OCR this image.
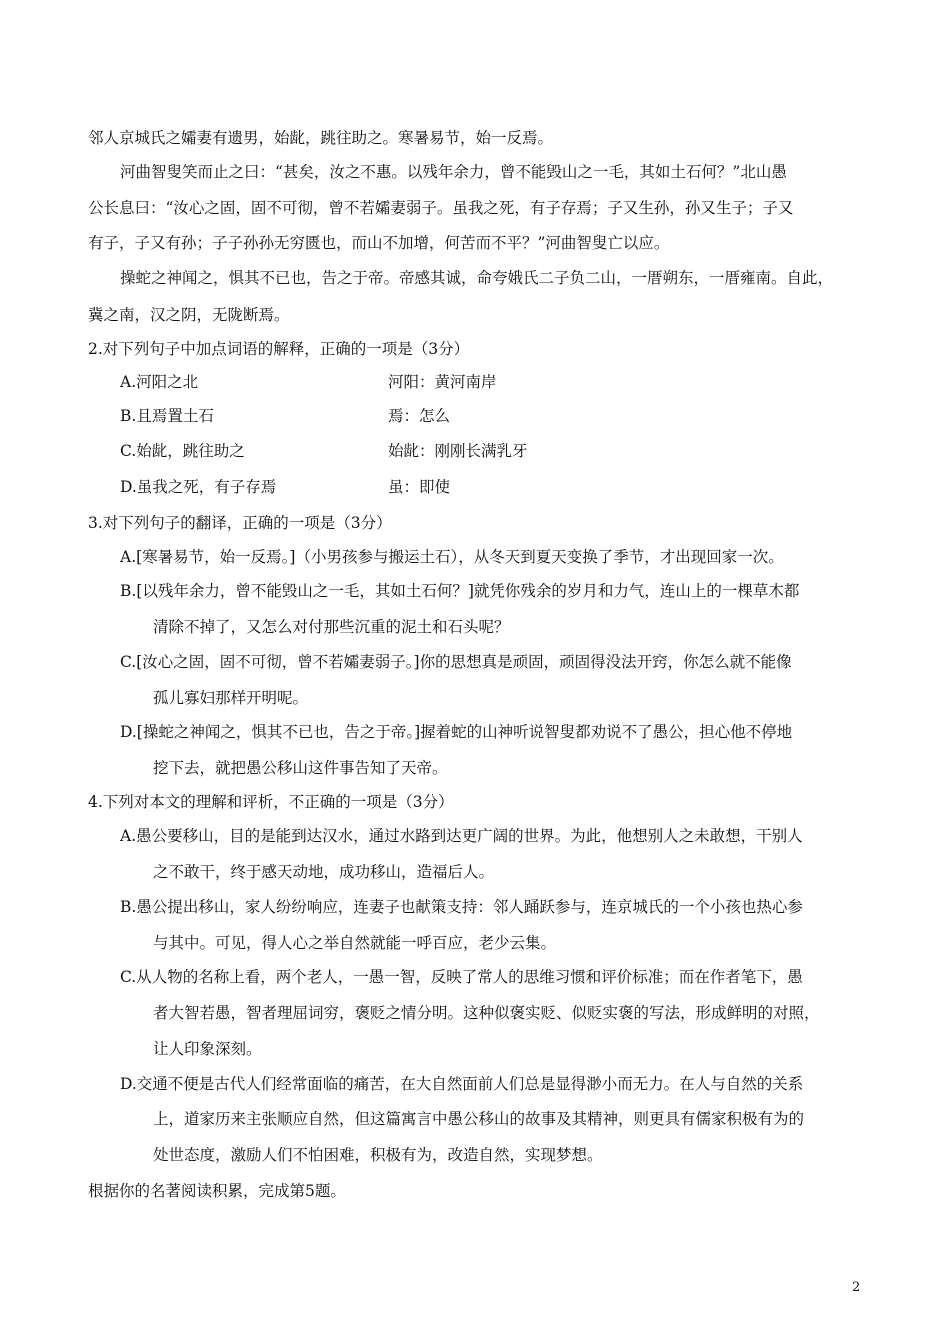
邻人京城氏之孀妻有遗男，始龀，跳往助之。寒暑易节，始一反焉。
河曲智叟笑而止之曰：“甚矣，汝之不惠。以残年余力，曾不能毁山之一毛，其如土石何？”北山愚
公长息曰：“汝心之固，固不可彻，曾不若孀妻弱子。虽我之死，有子存焉；子又生孙，孙又生子；子又
有子，子又有孙；子子孙孙无穷匮也，而山不加增，何苦而不平？”河曲智叟亡以应。
操蛇之神闻之，惧其不已也，告之于帝。帝感其诚，命夸娥氏二子负二山，一厝朔东，一厝雍南。自此，
冀之南，汉之阴，无陇断焉。
2.对下列句子中加点词语的解释，正确的一项是（3分）
A.河阳之北	河阳：黄河南岸
B.且焉置土石	焉：怎么
C.始龀，跳往助之	始龀：刚刚长满乳牙
D.虽我之死，有子存焉	虽：即使
3.对下列句子的翻译，正确的一项是（3分）
A.[寒暑易节，始一反焉。]（小男孩参与搬运土石），从冬天到夏天变换了季节，才出现回家一次。
B.[以残年余力，曾不能毁山之一毛，其如土石何？]就凭你残余的岁月和力气，连山上的一棵草木都
清除不掉了，又怎么对付那些沉重的泥土和石头呢？
C.[汝心之固，固不可彻，曾不若孀妻弱子。]你的思想真是顽固，顽固得没法开窍，你怎么就不能像
孤儿寡妇那样开明呢。
D.[操蛇之神闻之，惧其不已也，告之于帝。]握着蛇的山神听说智叟都劝说不了愚公，担心他不停地
挖下去，就把愚公移山这件事告知了天帝。
4.下列对本文的理解和评析，不正确的一项是（3分）
A.愚公要移山，目的是能到达汉水，通过水路到达更广阔的世界。为此，他想别人之未敢想，干别人
之不敢干，终于感天动地，成功移山，造福后人。
B.愚公提出移山，家人纷纷响应，连妻子也献策支持：邻人踊跃参与，连京城氏的一个小孩也热心参
与其中。可见，得人心之举自然就能一呼百应，老少云集。
C.从人物的名称上看，两个老人，一愚一智，反映了常人的思维习惯和评价标准；而在作者笔下，愚
者大智若愚，智者理屈词穷，褒贬之情分明。这种似褒实贬、似贬实褒的写法，形成鲜明的对照，
让人印象深刻。
D.交通不便是古代人们经常面临的痛苦，在大自然面前人们总是显得渺小而无力。在人与自然的关系
上，道家历来主张顺应自然，但这篇寓言中愚公移山的故事及其精神，则更具有儒家积极有为的
处世态度，激励人们不怕困难，积极有为，改造自然，实现梦想。
根据你的名著阅读积累，完成第5题。
2
